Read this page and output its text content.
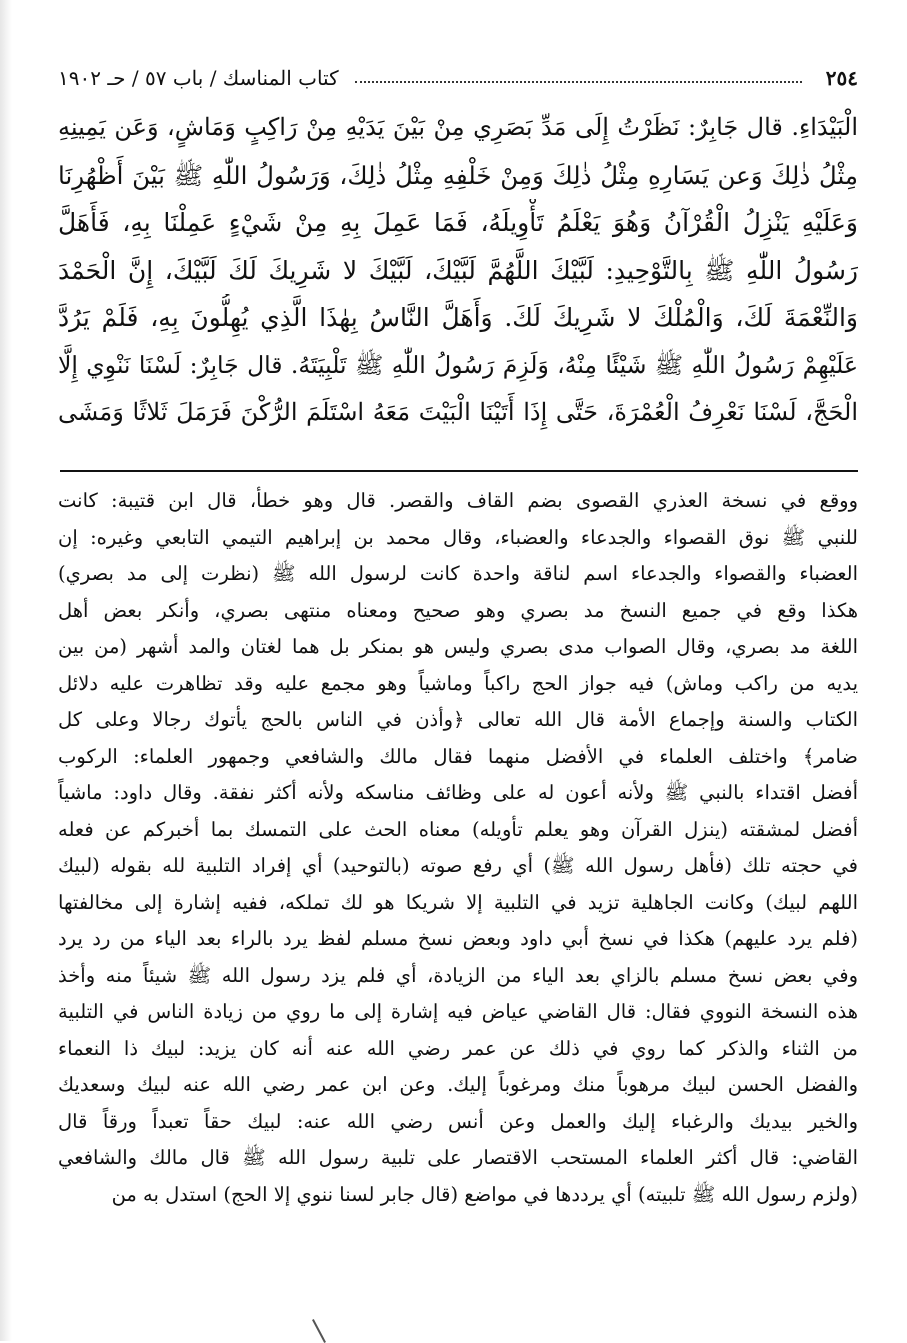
٢٥٤
كتاب المناسك / باب ٥٧ / حـ ١٩٠٢
الْبَيْدَاءِ. قال جَابِرٌ: نَظَرْتُ إِلَى مَدِّ بَصَرِي مِنْ بَيْنَ يَدَيْهِ مِنْ رَاكِبٍ وَمَاشٍ، وَعَن يَمِينِهِ
مِثْلُ ذٰلِكَ وَعن يَسَارِهِ مِثْلُ ذٰلِكَ وَمِنْ خَلْفِهِ مِثْلُ ذٰلِكَ، وَرَسُولُ اللّٰهِ ﷺ بَيْنَ أَظْهُرِنَا
وَعَلَيْهِ يَنْزِلُ الْقُرْآنُ وَهُوَ يَعْلَمُ تَأْوِيلَهُ، فَمَا عَمِلَ بِهِ مِنْ شَيْءٍ عَمِلْنَا بِهِ، فَأَهَلَّ
رَسُولُ اللّٰهِ ﷺ بِالتَّوْحِيدِ: لَبَّيْكَ اللَّهُمَّ لَبَّيْكَ، لَبَّيْكَ لا شَرِيكَ لَكَ لَبَّيْكَ، إِنَّ الْحَمْدَ
وَالنِّعْمَةَ لَكَ، وَالْمُلْكَ لا شَرِيكَ لَكَ. وَأَهَلَّ النَّاسُ بِهٰذَا الَّذِي يُهِلُّونَ بِهِ، فَلَمْ يَرُدَّ
عَلَيْهِمْ رَسُولُ اللّٰهِ ﷺ شَيْئًا مِنْهُ، وَلَزِمَ رَسُولُ اللّٰهِ ﷺ تَلْبِيَتَهُ. قال جَابِرٌ: لَسْنَا نَنْوِي إِلَّا
الْحَجَّ، لَسْنَا نَعْرِفُ الْعُمْرَةَ، حَتَّى إِذَا أَتَيْنَا الْبَيْتَ مَعَهُ اسْتَلَمَ الرُّكْنَ فَرَمَلَ ثَلاثًا وَمَشَى
ووقع في نسخة العذري القصوى بضم القاف والقصر. قال وهو خطأ، قال ابن قتيبة: كانت
للنبي ﷺ نوق القصواء والجدعاء والعضباء، وقال محمد بن إبراهيم التيمي التابعي وغيره: إن
العضباء والقصواء والجدعاء اسم لناقة واحدة كانت لرسول الله ﷺ (نظرت إلى مد بصري)
هكذا وقع في جميع النسخ مد بصري وهو صحيح ومعناه منتهى بصري، وأنكر بعض أهل
اللغة مد بصري، وقال الصواب مدى بصري وليس هو بمنكر بل هما لغتان والمد أشهر (من بين
يديه من راكب وماش) فيه جواز الحج راكباً وماشياً وهو مجمع عليه وقد تظاهرت عليه دلائل
الكتاب والسنة وإجماع الأمة قال الله تعالى ﴿وأذن في الناس بالحج يأتوك رجالا وعلى كل
ضامر﴾ واختلف العلماء في الأفضل منهما فقال مالك والشافعي وجمهور العلماء: الركوب
أفضل اقتداء بالنبي ﷺ ولأنه أعون له على وظائف مناسكه ولأنه أكثر نفقة. وقال داود: ماشياً
أفضل لمشقته (ينزل القرآن وهو يعلم تأويله) معناه الحث على التمسك بما أخبركم عن فعله
في حجته تلك (فأهل رسول الله ﷺ) أي رفع صوته (بالتوحيد) أي إفراد التلبية لله بقوله (لبيك
اللهم لبيك) وكانت الجاهلية تزيد في التلبية إلا شريكا هو لك تملكه، ففيه إشارة إلى مخالفتها
(فلم يرد عليهم) هكذا في نسخ أبي داود وبعض نسخ مسلم لفظ يرد بالراء بعد الياء من رد يرد
وفي بعض نسخ مسلم بالزاي بعد الياء من الزيادة، أي فلم يزد رسول الله ﷺ شيئاً منه وأخذ
هذه النسخة النووي فقال: قال القاضي عياض فيه إشارة إلى ما روي من زيادة الناس في التلبية
من الثناء والذكر كما روي في ذلك عن عمر رضي الله عنه أنه كان يزيد: لبيك ذا النعماء
والفضل الحسن لبيك مرهوباً منك ومرغوباً إليك. وعن ابن عمر رضي الله عنه لبيك وسعديك
والخير بيديك والرغباء إليك والعمل وعن أنس رضي الله عنه: لبيك حقاً تعبداً ورقاً قال
القاضي: قال أكثر العلماء المستحب الاقتصار على تلبية رسول الله ﷺ قال مالك والشافعي
(ولزم رسول الله ﷺ تلبيته) أي يرددها في مواضع (قال جابر لسنا ننوي إلا الحج) استدل به من
